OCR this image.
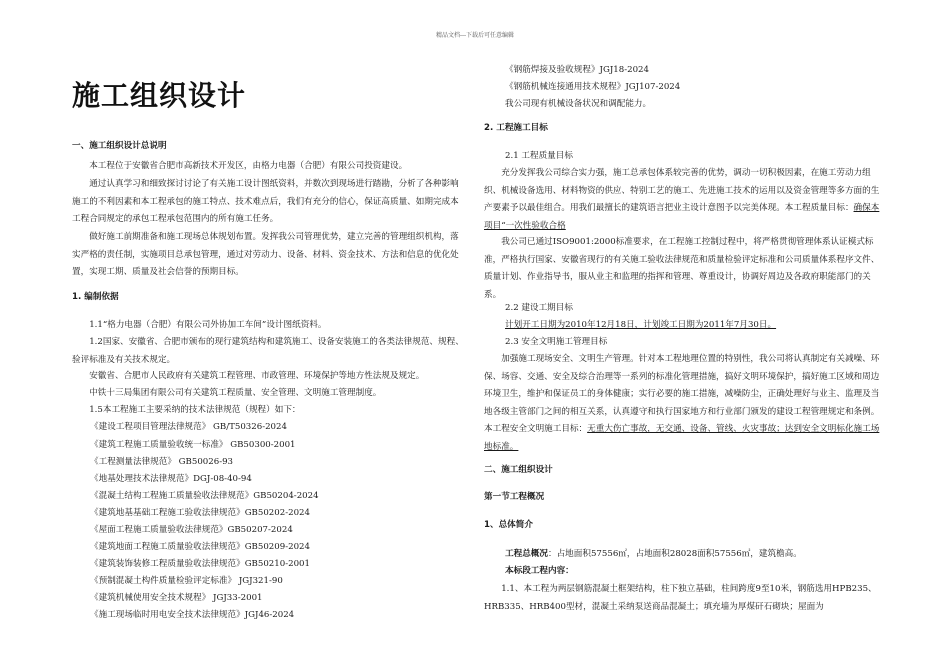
精品文档---下载后可任意编辑
施工组织设计
一、施工组织设计总说明
本工程位于安徽省合肥市高新技术开发区，由格力电器（合肥）有限公司投资建设。
通过认真学习和细致探讨讨论了有关施工设计图纸资料，并数次到现场进行踏勘，分析了各种影响施工的不利因素和本工程承包的施工特点、技术难点后，我们有充分的信心，保证高质量、如期完成本工程合同规定的承包工程承包范围内的所有施工任务。
做好施工前期准备和施工现场总体规划布置。发挥我公司管理优势，建立完善的管理组织机构，落实严格的责任制，实施项目总承包管理，通过对劳动力、设备、材料、资金技术、方法和信息的优化处置，实现工期、质量及社会信誉的预期目标。
1. 编制依据
1.1“格力电器（合肥）有限公司外协加工车间”设计图纸资料。
1.2国家、安徽省、合肥市颁布的现行建筑结构和建筑施工、设备安装施工的各类法律规范、规程、验评标准及有关技术规定。
安徽省、合肥市人民政府有关建筑工程管理、市政管理、环境保护等地方性法规及规定。
中铁十三局集团有限公司有关建筑工程质量、安全管理、文明施工管理制度。
1.5本工程施工主要采纳的技术法律规范（规程）如下：
《建设工程项目管理法律规范》 GB/T50326-2024
《建筑工程施工质量验收统一标准》 GB50300-2001
《工程测量法律规范》 GB50026-93
《地基处理技术法律规范》DGJ-08-40-94
《混凝土结构工程施工质量验收法律规范》GB50204-2024
《建筑地基基础工程施工验收法律规范》GB50202-2024
《屋面工程施工质量验收法律规范》GB50207-2024
《建筑地面工程施工质量验收法律规范》GB50209-2024
《建筑装饰装修工程质量验收法律规范》GB50210-2001
《预制混凝土构件质量检验评定标准》 JGJ321-90
《建筑机械使用安全技术规程》 JGJ33-2001
《施工现场临时用电安全技术法律规范》JGJ46-2024
《钢筋焊接及验收规程》JGJ18-2024
《钢筋机械连接通用技术规程》JGJ107-2024
我公司现有机械设备状况和调配能力。
2. 工程施工目标
2.1 工程质量目标
充分发挥我公司综合实力强，施工总承包体系较完善的优势，调动一切积极因素，在施工劳动力组织、机械设备选用、材料物资的供应、特别工艺的施工、先进施工技术的运用以及资金管理等多方面的生产要素予以最佳组合。用我们最擅长的建筑语言把业主设计意图予以完美体现。本工程质量目标：确保本项目“一次性验收合格
我公司已通过ISO9001:2000标准要求，在工程施工控制过程中，将严格贯彻管理体系认证模式标准，严格执行国家、安徽省现行的有关施工验收法律规范和质量检验评定标准和公司质量体系程序文件、质量计划、作业指导书，服从业主和监理的指挥和管理、尊重设计，协调好周边及各政府职能部门的关系。
2.2 建设工期目标
计划开工日期为2010年12月18日，计划竣工日期为2011年7月30日。
2.3 安全文明施工管理目标
加强施工现场安全、文明生产管理。针对本工程地理位置的特别性，我公司将认真制定有关减噪、环保、场容、交通、安全及综合治理等一系列的标准化管理措施，搞好文明环境保护，搞好施工区域和周边环境卫生，维护和保证员工的身体健康；实行必要的施工措施，减噪防尘，正确处理好与业主、监理及当地各级主管部门之间的相互关系，认真遵守和执行国家地方和行业部门颁发的建设工程管理规定和条例。本工程安全文明施工目标：无重大伤亡事故，无交通、设备、管线、火灾事故；达到安全文明标化施工场地标准。
二、施工组织设计
第一节工程概况
1、总体简介
工程总概况：占地面积57556㎡，占地面积28028面积57556㎡，建筑檐高。
本标段工程内容：
1.1、本工程为两层钢筋混凝土框架结构，柱下独立基础，柱间跨度9至10米，钢筋选用HPB235、HRB335、HRB400型材，混凝土采纳泵送商品混凝土；填充墙为厚煤矸石砌块；屋面为
